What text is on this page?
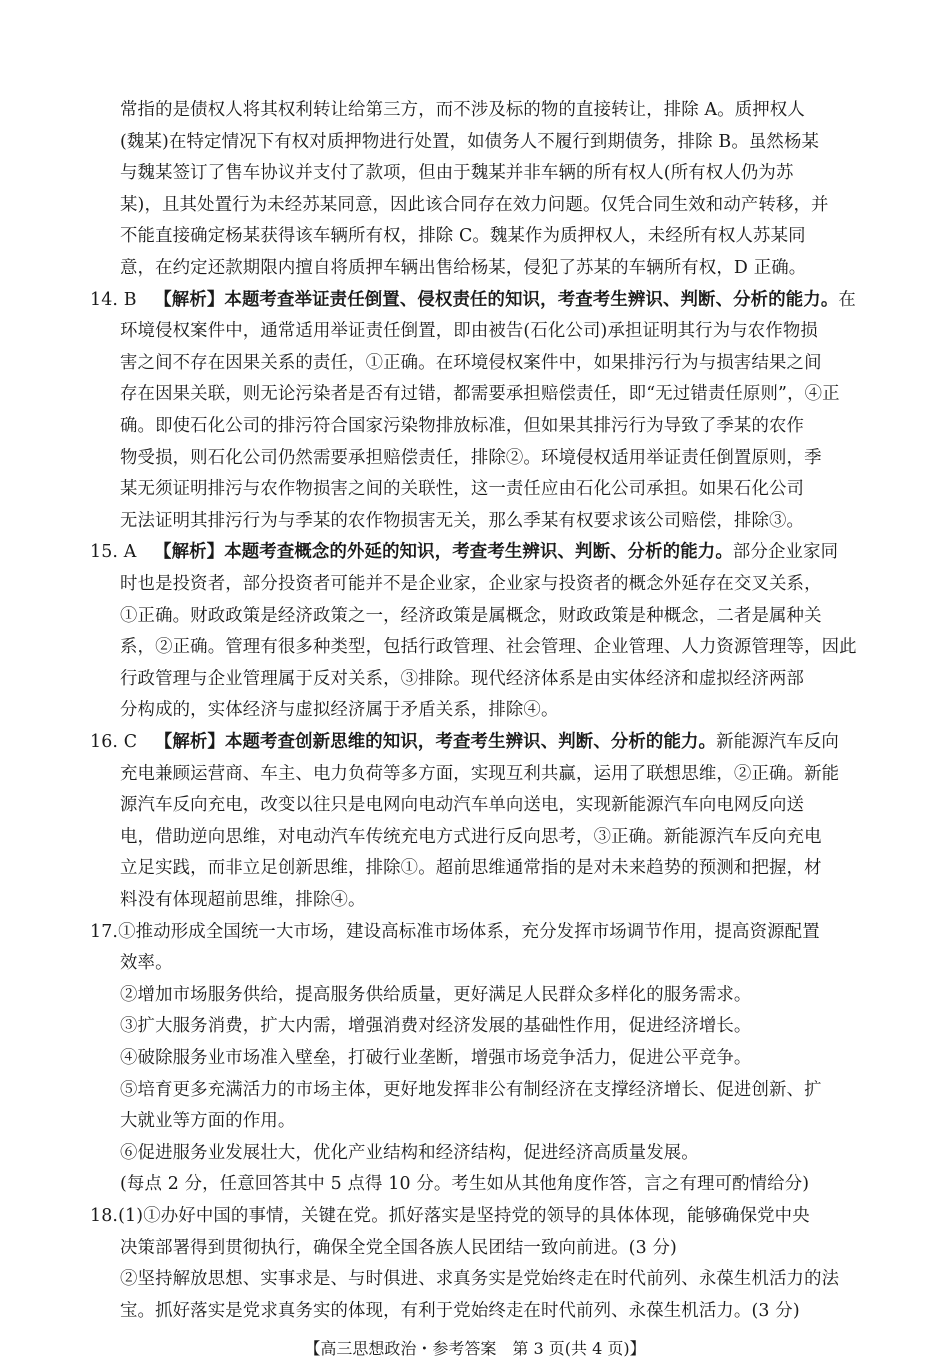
常指的是债权人将其权利转让给第三方，而不涉及标的物的直接转让，排除 A。质押权人
(魏某)在特定情况下有权对质押物进行处置，如债务人不履行到期债务，排除 B。虽然杨某
与魏某签订了售车协议并支付了款项，但由于魏某并非车辆的所有权人(所有权人仍为苏
某)，且其处置行为未经苏某同意，因此该合同存在效力问题。仅凭合同生效和动产转移，并
不能直接确定杨某获得该车辆所有权，排除 C。魏某作为质押权人，未经所有权人苏某同
意，在约定还款期限内擅自将质押车辆出售给杨某，侵犯了苏某的车辆所有权，D 正确。
14. B  【解析】本题考查举证责任倒置、侵权责任的知识，考查考生辨识、判断、分析的能力。在
环境侵权案件中，通常适用举证责任倒置，即由被告(石化公司)承担证明其行为与农作物损
害之间不存在因果关系的责任，①正确。在环境侵权案件中，如果排污行为与损害结果之间
存在因果关联，则无论污染者是否有过错，都需要承担赔偿责任，即“无过错责任原则”，④正
确。即使石化公司的排污符合国家污染物排放标准，但如果其排污行为导致了季某的农作
物受损，则石化公司仍然需要承担赔偿责任，排除②。环境侵权适用举证责任倒置原则，季
某无须证明排污与农作物损害之间的关联性，这一责任应由石化公司承担。如果石化公司
无法证明其排污行为与季某的农作物损害无关，那么季某有权要求该公司赔偿，排除③。
15. A  【解析】本题考查概念的外延的知识，考查考生辨识、判断、分析的能力。部分企业家同
时也是投资者，部分投资者可能并不是企业家，企业家与投资者的概念外延存在交叉关系，
①正确。财政政策是经济政策之一，经济政策是属概念，财政政策是种概念，二者是属种关
系，②正确。管理有很多种类型，包括行政管理、社会管理、企业管理、人力资源管理等，因此
行政管理与企业管理属于反对关系，③排除。现代经济体系是由实体经济和虚拟经济两部
分构成的，实体经济与虚拟经济属于矛盾关系，排除④。
16. C  【解析】本题考查创新思维的知识，考查考生辨识、判断、分析的能力。新能源汽车反向
充电兼顾运营商、车主、电力负荷等多方面，实现互利共赢，运用了联想思维，②正确。新能
源汽车反向充电，改变以往只是电网向电动汽车单向送电，实现新能源汽车向电网反向送
电，借助逆向思维，对电动汽车传统充电方式进行反向思考，③正确。新能源汽车反向充电
立足实践，而非立足创新思维，排除①。超前思维通常指的是对未来趋势的预测和把握，材
料没有体现超前思维，排除④。
17.①推动形成全国统一大市场，建设高标准市场体系，充分发挥市场调节作用，提高资源配置
效率。
②增加市场服务供给，提高服务供给质量，更好满足人民群众多样化的服务需求。
③扩大服务消费，扩大内需，增强消费对经济发展的基础性作用，促进经济增长。
④破除服务业市场准入壁垒，打破行业垄断，增强市场竞争活力，促进公平竞争。
⑤培育更多充满活力的市场主体，更好地发挥非公有制经济在支撑经济增长、促进创新、扩
大就业等方面的作用。
⑥促进服务业发展壮大，优化产业结构和经济结构，促进经济高质量发展。
(每点 2 分，任意回答其中 5 点得 10 分。考生如从其他角度作答，言之有理可酌情给分)
18.(1)①办好中国的事情，关键在党。抓好落实是坚持党的领导的具体体现，能够确保党中央
决策部署得到贯彻执行，确保全党全国各族人民团结一致向前进。(3 分)
②坚持解放思想、实事求是、与时俱进、求真务实是党始终走在时代前列、永葆生机活力的法
宝。抓好落实是党求真务实的体现，有利于党始终走在时代前列、永葆生机活力。(3 分)
【高三思想政治・参考答案　第 3 页(共 4 页)】
